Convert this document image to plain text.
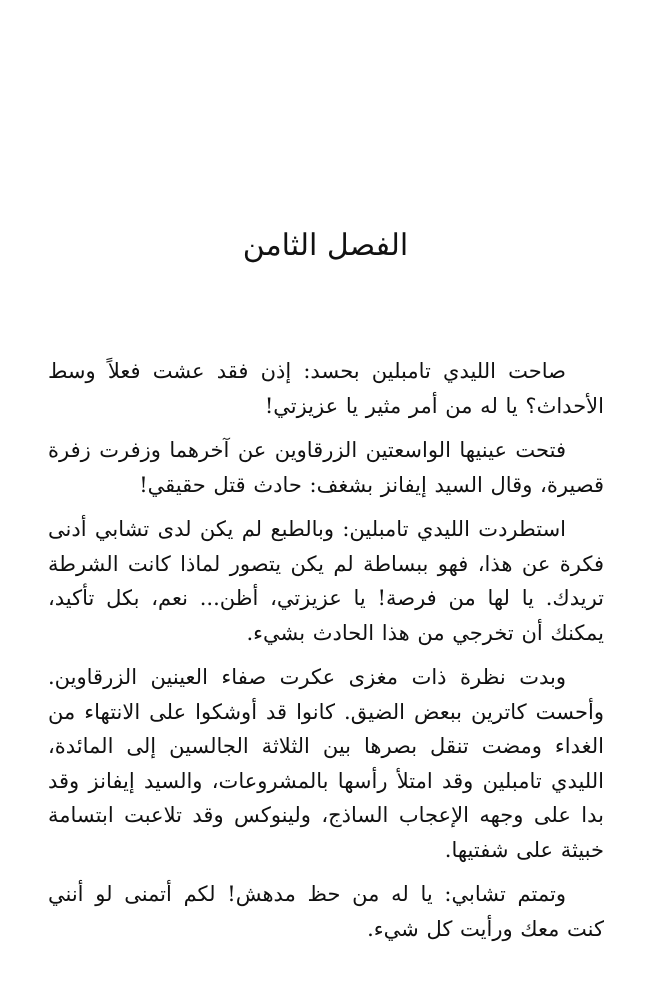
الفصل الثامن

صاحت الليدي تامبلين بحسد: إذن فقد عشت فعلاً وسط الأحداث؟ يا له من أمر مثير يا عزيزتي!

فتحت عينيها الواسعتين الزرقاوين عن آخرهما وزفرت زفرة قصيرة، وقال السيد إيفانز بشغف: حادث قتل حقيقي!

استطردت الليدي تامبلين: وبالطبع لم يكن لدى تشابي أدنى فكرة عن هذا، فهو ببساطة لم يكن يتصور لماذا كانت الشرطة تريدك. يا لها من فرصة! يا عزيزتي، أظن... نعم، بكل تأكيد، يمكنك أن تخرجي من هذا الحادث بشيء.

وبدت نظرة ذات مغزى عكرت صفاء العينين الزرقاوين. وأحست كاترين ببعض الضيق. كانوا قد أوشكوا على الانتهاء من الغداء ومضت تنقل بصرها بين الثلاثة الجالسين إلى المائدة، الليدي تامبلين وقد امتلأ رأسها بالمشروعات، والسيد إيفانز وقد بدا على وجهه الإعجاب الساذج، ولينوكس وقد تلاعبت ابتسامة خبيثة على شفتيها.

وتمتم تشابي: يا له من حظ مدهش! لكم أتمنى لو أنني كنت معك ورأيت كل شيء.
